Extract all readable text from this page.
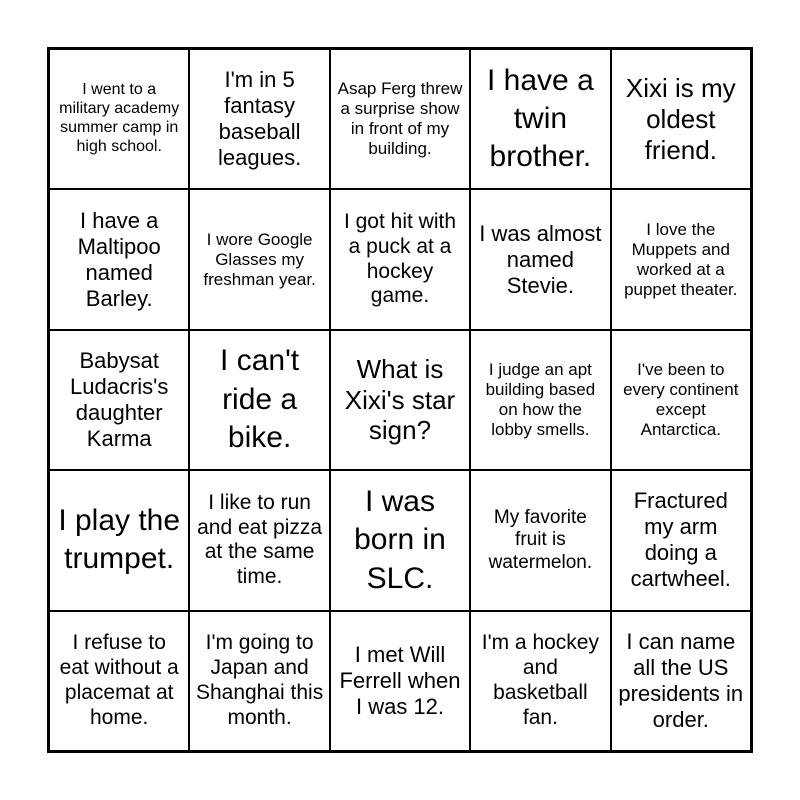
I went to a military academy summer camp in high school.
I'm in 5 fantasy baseball leagues.
Asap Ferg threw a surprise show in front of my building.
I have a twin brother.
Xixi is my oldest friend.
I have a Maltipoo named Barley.
I wore Google Glasses my freshman year.
I got hit with a puck at a hockey game.
I was almost named Stevie.
I love the Muppets and worked at a puppet theater.
Babysat Ludacris's daughter Karma
I can't ride a bike.
What is Xixi's star sign?
I judge an apt building based on how the lobby smells.
I've been to every continent except Antarctica.
I play the trumpet.
I like to run and eat pizza at the same time.
I was born in SLC.
My favorite fruit is watermelon.
Fractured my arm doing a cartwheel.
I refuse to eat without a placemat at home.
I'm going to Japan and Shanghai this month.
I met Will Ferrell when I was 12.
I'm a hockey and basketball fan.
I can name all the US presidents in order.
